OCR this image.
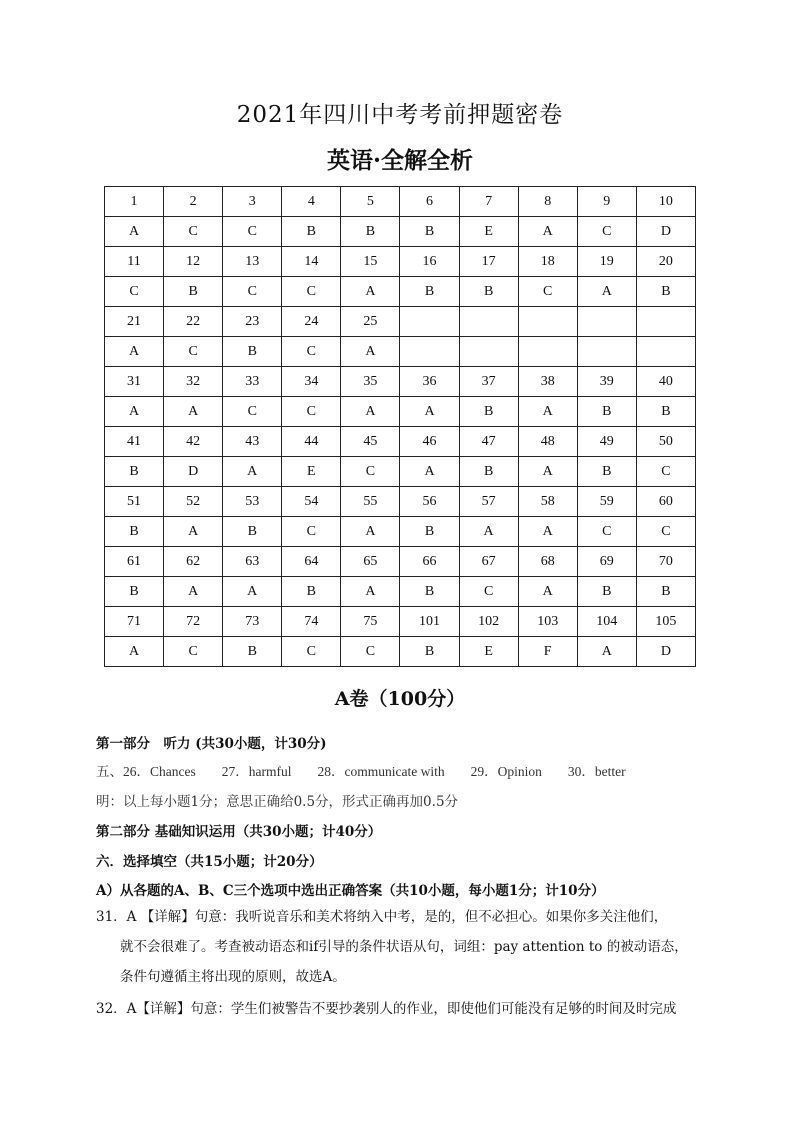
2021年四川中考考前押题密卷
英语·全解全析
1	2	3	4	5	6	7	8	9	10
A	C	C	B	B	B	E	A	C	D
11	12	13	14	15	16	17	18	19	20
C	B	C	C	A	B	B	C	A	B
21	22	23	24	25					
A	C	B	C	A					
31	32	33	34	35	36	37	38	39	40
A	A	C	C	A	A	B	A	B	B
41	42	43	44	45	46	47	48	49	50
B	D	A	E	C	A	B	A	B	C
51	52	53	54	55	56	57	58	59	60
B	A	B	C	A	B	A	A	C	C
61	62	63	64	65	66	67	68	69	70
B	A	A	B	A	B	C	A	B	B
71	72	73	74	75	101	102	103	104	105
A	C	B	C	C	B	E	F	A	D
A卷（100分）
第一部分　听力 (共30小题，计30分)
五、26．Chances 27．harmful 28．communicate with 29．Opinion 30．better
明：以上每小题1分；意思正确给0.5分，形式正确再加0.5分
第二部分 基础知识运用（共30小题；计40分）
六．选择填空（共15小题；计20分）
A）从各题的A、B、C三个选项中选出正确答案（共10小题，每小题1分；计10分）
31．A 【详解】句意：我听说音乐和美术将纳入中考，是的，但不必担心。如果你多关注他们，
就不会很难了。考查被动语态和if引导的条件状语从句，词组：pay attention to 的被动语态，
条件句遵循主将出现的原则，故选A。
32．A【详解】句意：学生们被警告不要抄袭别人的作业，即使他们可能没有足够的时间及时完成
